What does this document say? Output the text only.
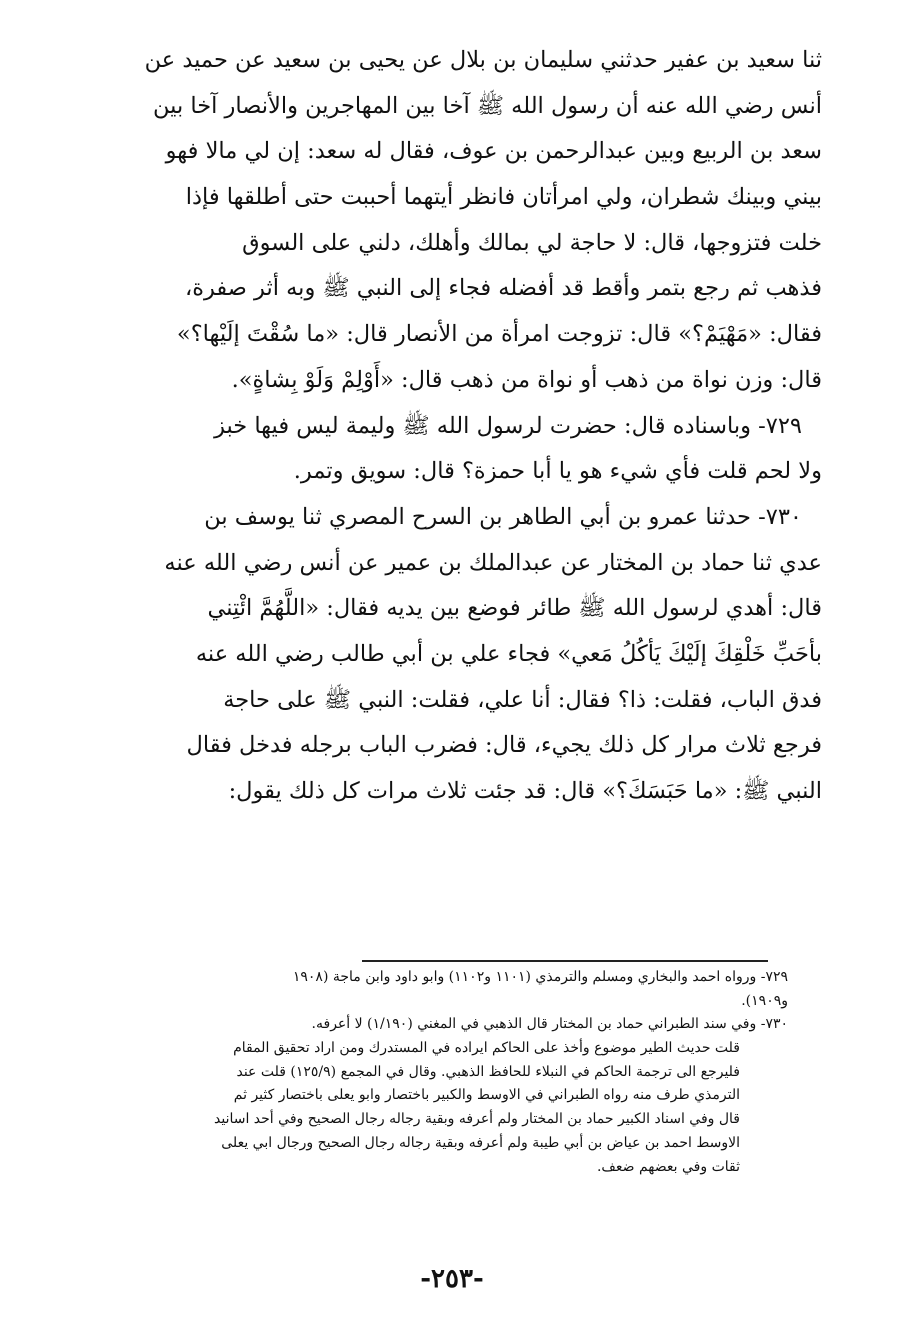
ثنا سعيد بن عفير حدثني سليمان بن بلال عن يحيى بن سعيد عن حميد عن
أنس رضي الله عنه أن رسول الله ﷺ آخا بين المهاجرين والأنصار آخا بين
سعد بن الربيع وبين عبدالرحمن بن عوف، فقال له سعد: إن لي مالا فهو
بيني وبينك شطران، ولي امرأتان فانظر أيتهما أحببت حتى أطلقها فإذا
خلت فتزوجها، قال: لا حاجة لي بمالك وأهلك، دلني على السوق
فذهب ثم رجع بتمر وأقط قد أفضله فجاء إلى النبي ﷺ وبه أثر صفرة،
فقال: «مَهْيَمْ؟» قال: تزوجت امرأة من الأنصار قال: «ما سُقْتَ إلَيْها؟»
قال: وزن نواة من ذهب أو نواة من ذهب قال: «أَوْلِمْ وَلَوْ بِشاةٍ».
٧٢٩- وباسناده قال: حضرت لرسول الله ﷺ وليمة ليس فيها خبز
ولا لحم قلت فأي شيء هو يا أبا حمزة؟ قال: سويق وتمر.
٧٣٠- حدثنا عمرو بن أبي الطاهر بن السرح المصري ثنا يوسف بن
عدي ثنا حماد بن المختار عن عبدالملك بن عمير عن أنس رضي الله عنه
قال: أهدي لرسول الله ﷺ طائر فوضع بين يديه فقال: «اللَّهُمَّ ائْتِني
بأحَبِّ خَلْقِكَ إلَيْكَ يَأكُلُ مَعي» فجاء علي بن أبي طالب رضي الله عنه
فدق الباب، فقلت: ذا؟ فقال: أنا علي، فقلت: النبي ﷺ على حاجة
فرجع ثلاث مرار كل ذلك يجيء، قال: فضرب الباب برجله فدخل فقال
النبي ﷺ: «ما حَبَسَكَ؟» قال: قد جئت ثلاث مرات كل ذلك يقول:
٧٢٩- ورواه احمد والبخاري ومسلم والترمذي (١١٠١ و١١٠٢) وابو داود وابن ماجة (١٩٠٨
و١٩٠٩).
٧٣٠- وفي سند الطبراني حماد بن المختار قال الذهبي في المغني (١/١٩٠) لا أعرفه.
قلت حديث الطير موضوع وأخذ على الحاكم ايراده في المستدرك ومن اراد تحقيق المقام
فليرجع الى ترجمة الحاكم في النبلاء للحافظ الذهبي. وقال في المجمع (١٢٥/٩) قلت عند
الترمذي طرف منه رواه الطبراني في الاوسط والكبير باختصار وابو يعلى باختصار كثير ثم
قال وفي اسناد الكبير حماد بن المختار ولم أعرفه وبقية رجاله رجال الصحيح وفي أحد اسانيد
الاوسط احمد بن عياض بن أبي طيبة ولم أعرفه وبقية رجاله رجال الصحيح ورجال ابي يعلى
ثقات وفي بعضهم ضعف.
-٢٥٣-
